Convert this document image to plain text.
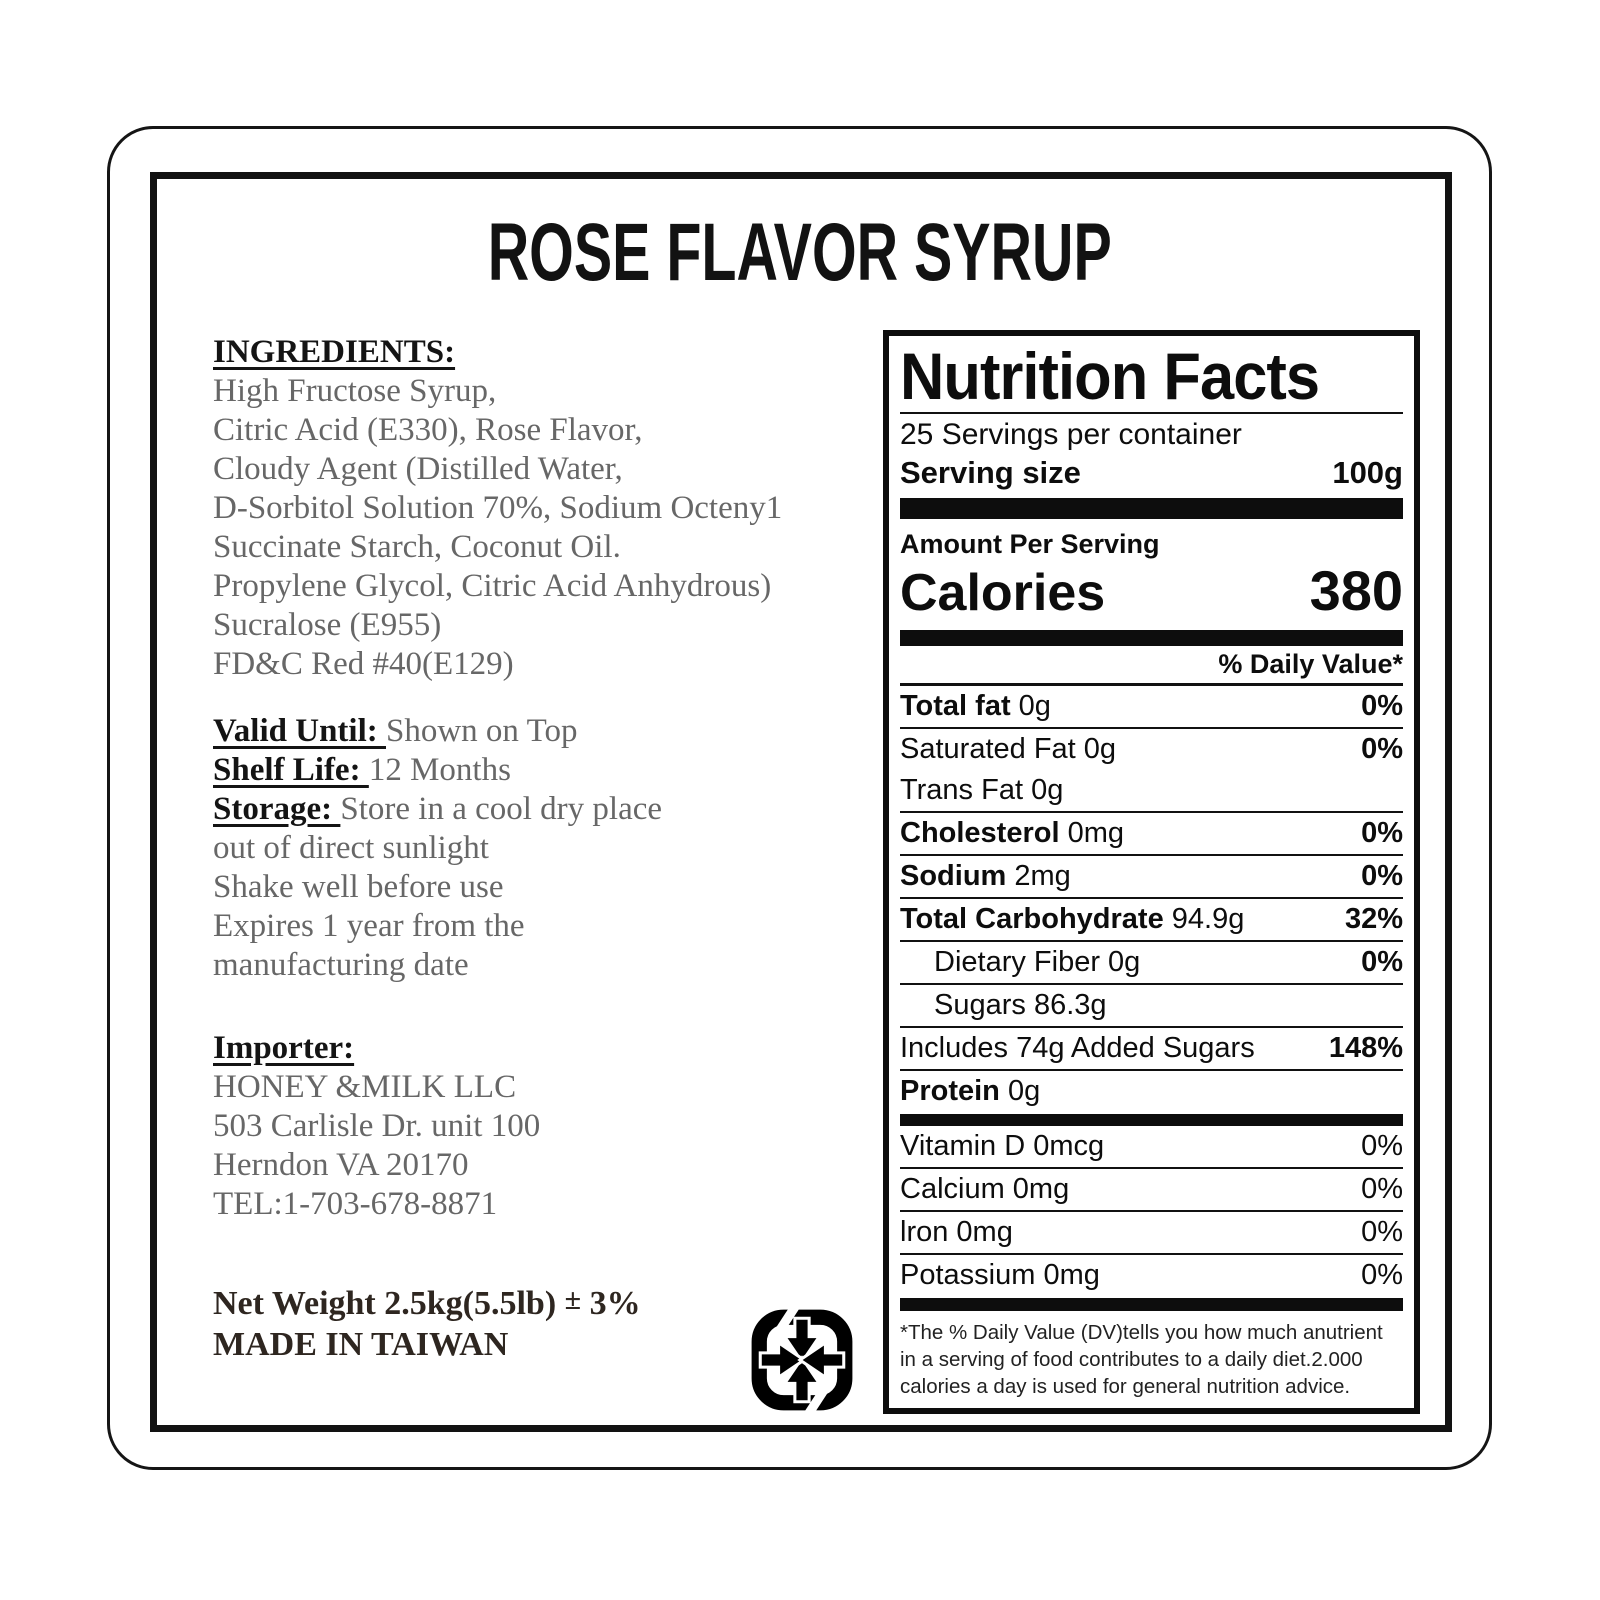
ROSE FLAVOR SYRUP
INGREDIENTS:
High Fructose Syrup,
Citric Acid (E330), Rose Flavor,
Cloudy Agent (Distilled Water,
D-Sorbitol Solution 70%, Sodium Octeny1
Succinate Starch, Coconut Oil.
Propylene Glycol, Citric Acid Anhydrous)
Sucralose (E955)
FD&C Red #40(E129)
Valid Until: Shown on Top
Shelf Life: 12 Months
Storage: Store in a cool dry place
out of direct sunlight
Shake well before use
Expires 1 year from the
manufacturing date
Importer:
HONEY &MILK LLC
503 Carlisle Dr. unit 100
Herndon VA 20170
TEL:1-703-678-8871
Net Weight 2.5kg(5.5lb) ± 3%
MADE IN TAIWAN
Nutrition Facts
25 Servings per container
Serving size	100g
Amount Per Serving
Calories	380
% Daily Value*
Total fat 0g	0%
Saturated Fat 0g	0%
Trans Fat 0g
Cholesterol 0mg	0%
Sodium 2mg	0%
Total Carbohydrate 94.9g	32%
Dietary Fiber 0g	0%
Sugars 86.3g
Includes 74g Added Sugars	148%
Protein 0g
Vitamin D 0mcg	0%
Calcium 0mg	0%
lron 0mg	0%
Potassium 0mg	0%
*The % Daily Value (DV)tells you how much anutrient in a serving of food contributes to a daily diet.2.000 calories a day is used for general nutrition advice.
